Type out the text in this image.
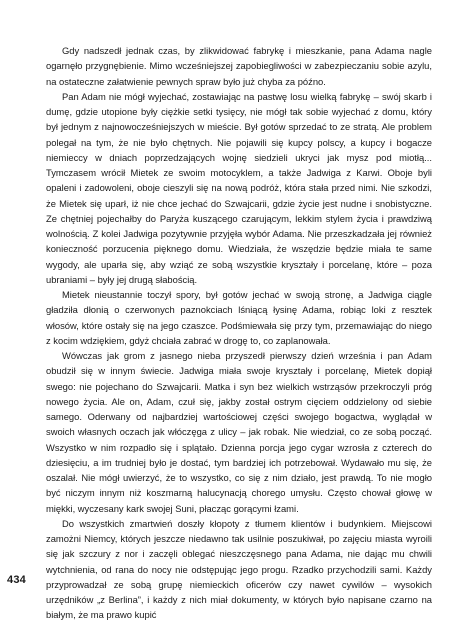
Gdy nadszedł jednak czas, by zlikwidować fabrykę i mieszkanie, pana Adama nagle ogarnęło przygnębienie. Mimo wcześniejszej zapobiegliwości w zabezpieczaniu sobie azylu, na ostateczne załatwienie pewnych spraw było już chyba za późno.

Pan Adam nie mógł wyjechać, zostawiając na pastwę losu wielką fabrykę – swój skarb i dumę, gdzie utopione były ciężkie setki tysięcy, nie mógł tak sobie wyjechać z domu, który był jednym z najnowocześniejszych w mieście. Był gotów sprzedać to ze stratą. Ale problem polegał na tym, że nie było chętnych. Nie pojawili się kupcy polscy, a kupcy i bogacze niemieccy w dniach poprzedzających wojnę siedzieli ukryci jak mysz pod miotłą... Tymczasem wrócił Mietek ze swoim motocyklem, a także Jadwiga z Karwi. Oboje byli opaleni i zadowoleni, oboje cieszyli się na nową podróż, która stała przed nimi. Nie szkodzi, że Mietek się uparł, iż nie chce jechać do Szwajcarii, gdzie życie jest nudne i snobistyczne. Ze chętniej pojechałby do Paryża kuszącego czarującym, lekkim stylem życia i prawdziwą wolnością. Z kolei Jadwiga pozytywnie przyjęła wybór Adama. Nie przeszkadzała jej również konieczność porzucenia pięknego domu. Wiedziała, że wszędzie będzie miała te same wygody, ale uparła się, aby wziąć ze sobą wszystkie kryształy i porcelanę, które – poza ubraniami – były jej drugą słabością.

Mietek nieustannie toczył spory, był gotów jechać w swoją stronę, a Jadwiga ciągle gładziła dłonią o czerwonych paznokciach lśniącą łysinę Adama, robiąc loki z resztek włosów, które ostały się na jego czaszce. Podśmiewała się przy tym, przemawiając do niego z kocim wdziękiem, gdyż chciała zabrać w drogę to, co zaplanowała.

Wówczas jak grom z jasnego nieba przyszedł pierwszy dzień września i pan Adam obudził się w innym świecie. Jadwiga miała swoje kryształy i porcelanę, Mietek dopiął swego: nie pojechano do Szwajcarii. Matka i syn bez wielkich wstrząsów przekroczyli próg nowego życia. Ale on, Adam, czuł się, jakby został ostrym cięciem oddzielony od siebie samego. Oderwany od najbardziej wartościowej części swojego bogactwa, wyglądał w swoich własnych oczach jak włóczęga z ulicy – jak robak. Nie wiedział, co ze sobą począć. Wszystko w nim rozpadło się i splątało. Dzienna porcja jego cygar wzrosła z czterech do dziesięciu, a im trudniej było je dostać, tym bardziej ich potrzebował. Wydawało mu się, że oszalał. Nie mógł uwierzyć, że to wszystko, co się z nim działo, jest prawdą. To nie mogło być niczym innym niż koszmarną halucynacją chorego umysłu. Często chował głowę w miękki, wyczesany kark swojej Suni, płacząc gorącymi łzami.

Do wszystkich zmartwień doszły kłopoty z tłumem klientów i budynkiem. Miejscowi zamożni Niemcy, których jeszcze niedawno tak usilnie poszukiwał, po zajęciu miasta wyroili się jak szczury z nor i zaczęli oblegać nieszczęsnego pana Adama, nie dając mu chwili wytchnienia, od rana do nocy nie odstępując jego progu. Rzadko przychodzili sami. Każdy przyprowadzał ze sobą grupę niemieckich oficerów czy nawet cywilów – wysokich urzędników „z Berlina”, i każdy z nich miał dokumenty, w których było napisane czarno na białym, że ma prawo kupić

434
